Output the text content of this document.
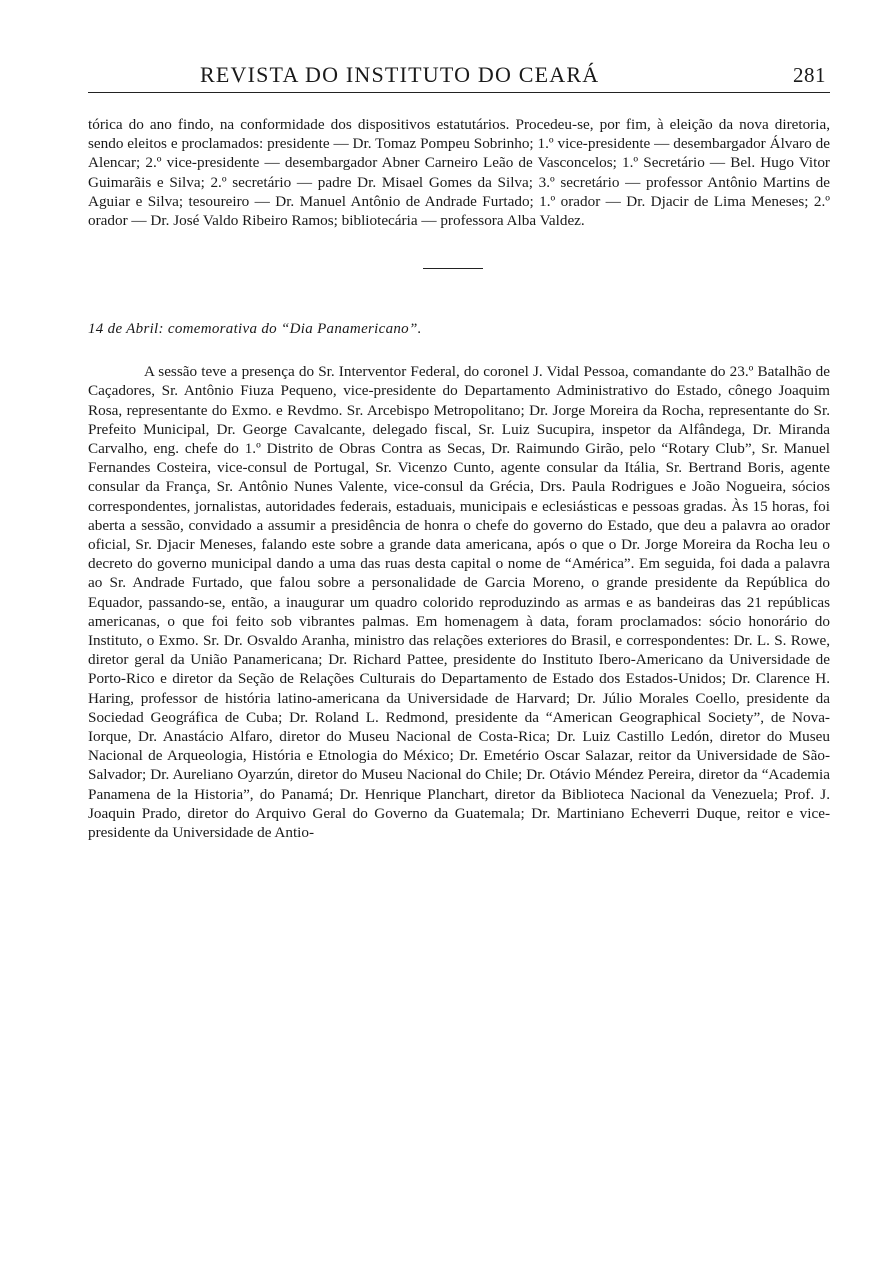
REVISTA DO INSTITUTO DO CEARÁ	281

tórica do ano findo, na conformidade dos dispositivos estatutários. Procedeu-se, por fim, à eleição da nova diretoria, sendo eleitos e proclamados: presidente — Dr. Tomaz Pompeu Sobrinho; 1.º vice-presidente — desembargador Álvaro de Alencar; 2.º vice-presidente — desembargador Abner Carneiro Leão de Vasconcelos; 1.º Secretário — Bel. Hugo Vitor Guimarãis e Silva; 2.º secretário — padre Dr. Misael Gomes da Silva; 3.º secretário — professor Antônio Martins de Aguiar e Silva; tesoureiro — Dr. Manuel Antônio de Andrade Furtado; 1.º orador — Dr. Djacir de Lima Meneses; 2.º orador — Dr. José Valdo Ribeiro Ramos; bibliotecária — professora Alba Valdez.

14 de Abril: comemorativa do “Dia Panamericano”.

A sessão teve a presença do Sr. Interventor Federal, do coronel J. Vidal Pessoa, comandante do 23.º Batalhão de Caçadores, Sr. Antônio Fiuza Pequeno, vice-presidente do Departamento Administrativo do Estado, cônego Joaquim Rosa, representante do Exmo. e Revdmo. Sr. Arcebispo Metropolitano; Dr. Jorge Moreira da Rocha, representante do Sr. Prefeito Municipal, Dr. George Cavalcante, delegado fiscal, Sr. Luiz Sucupira, inspetor da Alfândega, Dr. Miranda Carvalho, eng. chefe do 1.º Distrito de Obras Contra as Secas, Dr. Raimundo Girão, pelo “Rotary Club”, Sr. Manuel Fernandes Costeira, vice-consul de Portugal, Sr. Vicenzo Cunto, agente consular da Itália, Sr. Bertrand Boris, agente consular da França, Sr. Antônio Nunes Valente, vice-consul da Grécia, Drs. Paula Rodrigues e João Nogueira, sócios correspondentes, jornalistas, autoridades federais, estaduais, municipais e eclesiásticas e pessoas gradas. Às 15 horas, foi aberta a sessão, convidado a assumir a presidência de honra o chefe do governo do Estado, que deu a palavra ao orador oficial, Sr. Djacir Meneses, falando este sobre a grande data americana, após o que o Dr. Jorge Moreira da Rocha leu o decreto do governo municipal dando a uma das ruas desta capital o nome de “América”. Em seguida, foi dada a palavra ao Sr. Andrade Furtado, que falou sobre a personalidade de Garcia Moreno, o grande presidente da República do Equador, passando-se, então, a inaugurar um quadro colorido reproduzindo as armas e as bandeiras das 21 repúblicas americanas, o que foi feito sob vibrantes palmas. Em homenagem à data, foram proclamados: sócio honorário do Instituto, o Exmo. Sr. Dr. Osvaldo Aranha, ministro das relações exteriores do Brasil, e correspondentes: Dr. L. S. Rowe, diretor geral da União Panamericana; Dr. Richard Pattee, presidente do Instituto Ibero-Americano da Universidade de Porto-Rico e diretor da Seção de Relações Culturais do Departamento de Estado dos Estados-Unidos; Dr. Clarence H. Haring, professor de história latino-americana da Universidade de Harvard; Dr. Júlio Morales Coello, presidente da Sociedad Geográfica de Cuba; Dr. Roland L. Redmond, presidente da “American Geographical Society”, de Nova-Iorque, Dr. Anastácio Alfaro, diretor do Museu Nacional de Costa-Rica; Dr. Luiz Castillo Ledón, diretor do Museu Nacional de Arqueologia, História e Etnologia do México; Dr. Emetério Oscar Salazar, reitor da Universidade de São-Salvador; Dr. Aureliano Oyarzún, diretor do Museu Nacional do Chile; Dr. Otávio Méndez Pereira, diretor da “Academia Panamena de la Historia”, do Panamá; Dr. Henrique Planchart, diretor da Biblioteca Nacional da Venezuela; Prof. J. Joaquin Prado, diretor do Arquivo Geral do Governo da Guatemala; Dr. Martiniano Echeverri Duque, reitor e vice-presidente da Universidade de Antio-
